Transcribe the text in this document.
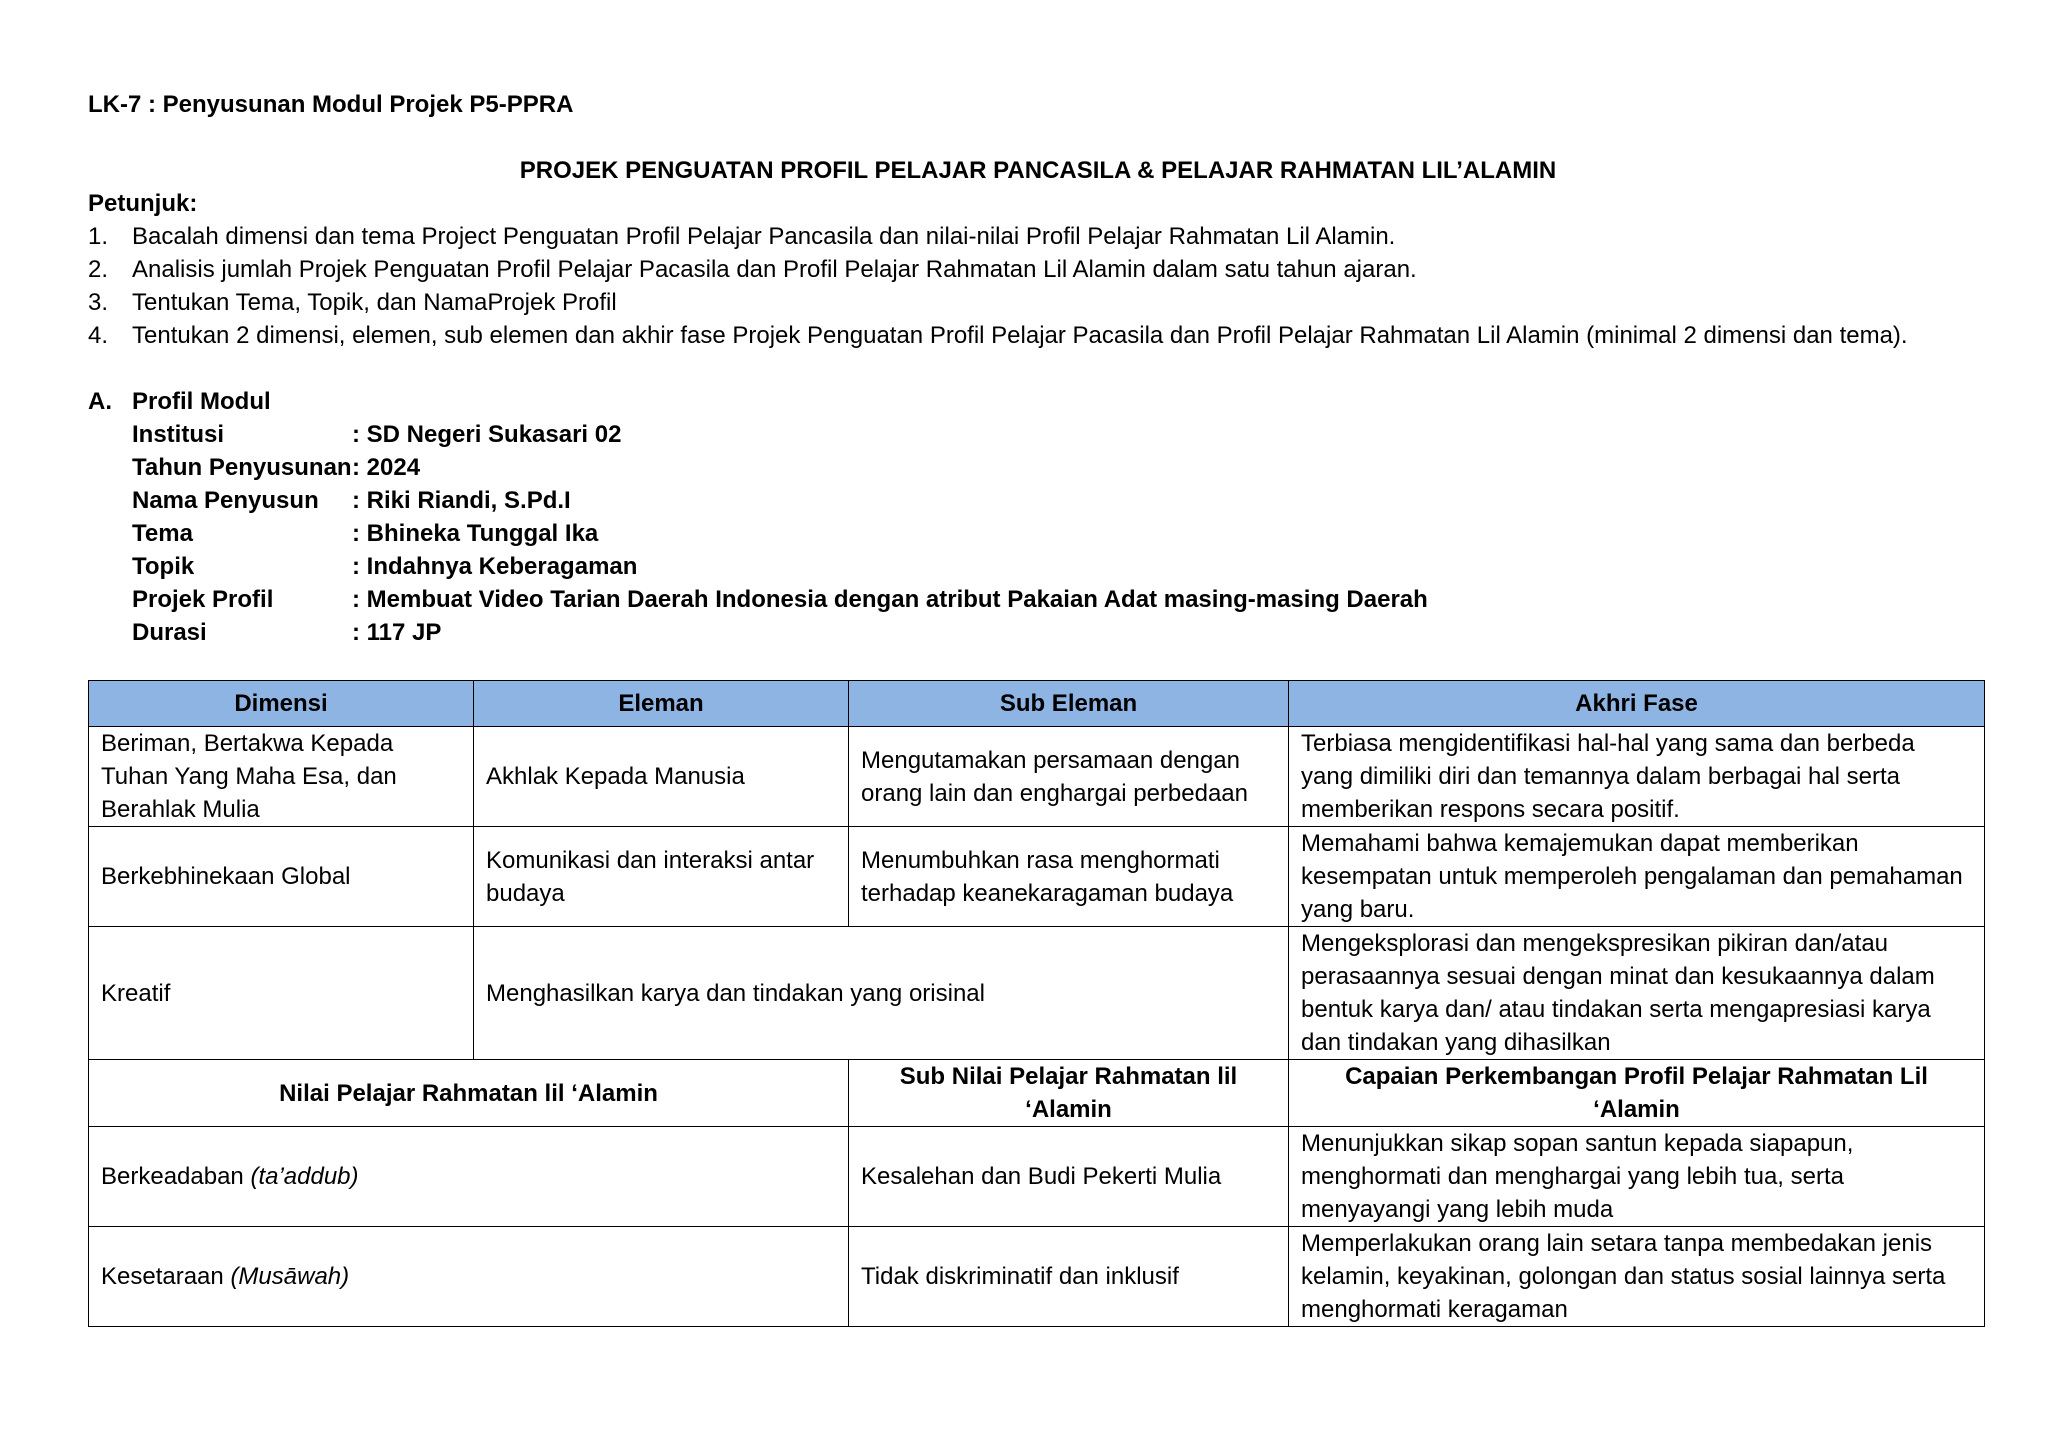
LK-7 : Penyusunan Modul Projek P5-PPRA
PROJEK PENGUATAN PROFIL PELAJAR PANCASILA & PELAJAR RAHMATAN LIL’ALAMIN
Petunjuk:
1. Bacalah dimensi dan tema Project Penguatan Profil Pelajar Pancasila dan nilai-nilai Profil Pelajar Rahmatan Lil Alamin.
2. Analisis jumlah Projek Penguatan Profil Pelajar Pacasila dan Profil Pelajar Rahmatan Lil Alamin dalam satu tahun ajaran.
3. Tentukan Tema, Topik, dan NamaProjek Profil
4. Tentukan 2 dimensi, elemen, sub elemen dan akhir fase Projek Penguatan Profil Pelajar Pacasila dan Profil Pelajar Rahmatan Lil Alamin (minimal 2 dimensi dan tema).
A. Profil Modul
Institusi	: SD Negeri Sukasari 02
Tahun Penyusunan : 2024
Nama Penyusun	: Riki Riandi, S.Pd.I
Tema	: Bhineka Tunggal Ika
Topik	: Indahnya Keberagaman
Projek Profil	: Membuat Video Tarian Daerah Indonesia dengan atribut Pakaian Adat masing-masing Daerah
Durasi	: 117 JP
Dimensi	Eleman	Sub Eleman	Akhri Fase
Beriman, Bertakwa Kepada Tuhan Yang Maha Esa, dan Berahlak Mulia	Akhlak Kepada Manusia	Mengutamakan persamaan dengan orang lain dan enghargai perbedaan	Terbiasa mengidentifikasi hal-hal yang sama dan berbeda yang dimiliki diri dan temannya dalam berbagai hal serta memberikan respons secara positif.
Berkebhinekaan Global	Komunikasi dan interaksi antar budaya	Menumbuhkan rasa menghormati terhadap keanekaragaman budaya	Memahami bahwa kemajemukan dapat memberikan kesempatan untuk memperoleh pengalaman dan pemahaman yang baru.
Kreatif	Menghasilkan karya dan tindakan yang orisinal		Mengeksplorasi dan mengekspresikan pikiran dan/atau perasaannya sesuai dengan minat dan kesukaannya dalam bentuk karya dan/ atau tindakan serta mengapresiasi karya dan tindakan yang dihasilkan
Nilai Pelajar Rahmatan lil ‘Alamin		Sub Nilai Pelajar Rahmatan lil ‘Alamin	Capaian Perkembangan Profil Pelajar Rahmatan Lil ‘Alamin
Berkeadaban (ta’addub)		Kesalehan dan Budi Pekerti Mulia	Menunjukkan sikap sopan santun kepada siapapun, menghormati dan menghargai yang lebih tua, serta menyayangi yang lebih muda
Kesetaraan (Musāwah)		Tidak diskriminatif dan inklusif	Memperlakukan orang lain setara tanpa membedakan jenis kelamin, keyakinan, golongan dan status sosial lainnya serta menghormati keragaman
